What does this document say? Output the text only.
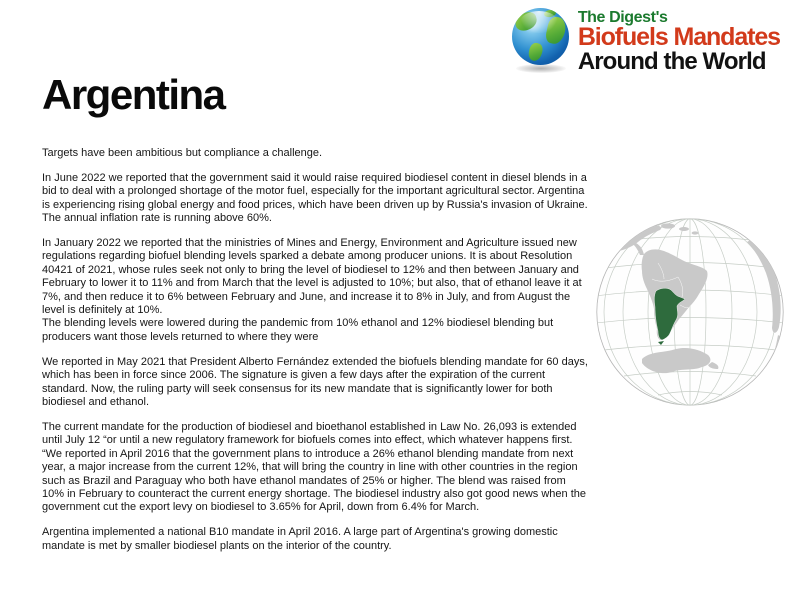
The Digest's
Biofuels Mandates
Around the World
Argentina

Targets have been ambitious but compliance a challenge.

In June 2022 we reported that the government said it would raise required biodiesel content in diesel blends in a bid to deal with a prolonged shortage of the motor fuel, especially for the important agricultural sector. Argentina is experiencing rising global energy and food prices, which have been driven up by Russia's invasion of Ukraine. The annual inflation rate is running above 60%.

In January 2022 we reported that the ministries of Mines and Energy, Environment and Agriculture issued new regulations regarding biofuel blending levels sparked a debate among producer unions. It is about Resolution 40421 of 2021, whose rules seek not only to bring the level of biodiesel to 12% and then between January and February to lower it to 11% and from March that the level is adjusted to 10%; but also, that of ethanol leave it at 7%, and then reduce it to 6% between February and June, and increase it to 8% in July, and from August the level is definitely at 10%.

The blending levels were lowered during the pandemic from 10% ethanol and 12% biodiesel blending but producers want those levels returned to where they were

We reported in May 2021 that President Alberto Fernández extended the biofuels blending mandate for 60 days, which has been in force since 2006. The signature is given a few days after the expiration of the current standard. Now, the ruling party will seek consensus for its new mandate that is significantly lower for both biodiesel and ethanol.

The current mandate for the production of biodiesel and bioethanol established in Law No. 26,093 is extended until July 12 “or until a new regulatory framework for biofuels comes into effect, which whatever happens first. “We reported in April 2016 that the government plans to introduce a 26% ethanol blending mandate from next year, a major increase from the current 12%, that will bring the country in line with other countries in the region such as Brazil and Paraguay who both have ethanol mandates of 25% or higher. The blend was raised from 10% in February to counteract the current energy shortage. The biodiesel industry also got good news when the government cut the export levy on biodiesel to 3.65% for April, down from 6.4% for March.

Argentina implemented a national B10 mandate in April 2016. A large part of Argentina's growing domestic mandate is met by smaller biodiesel plants on the interior of the country.
